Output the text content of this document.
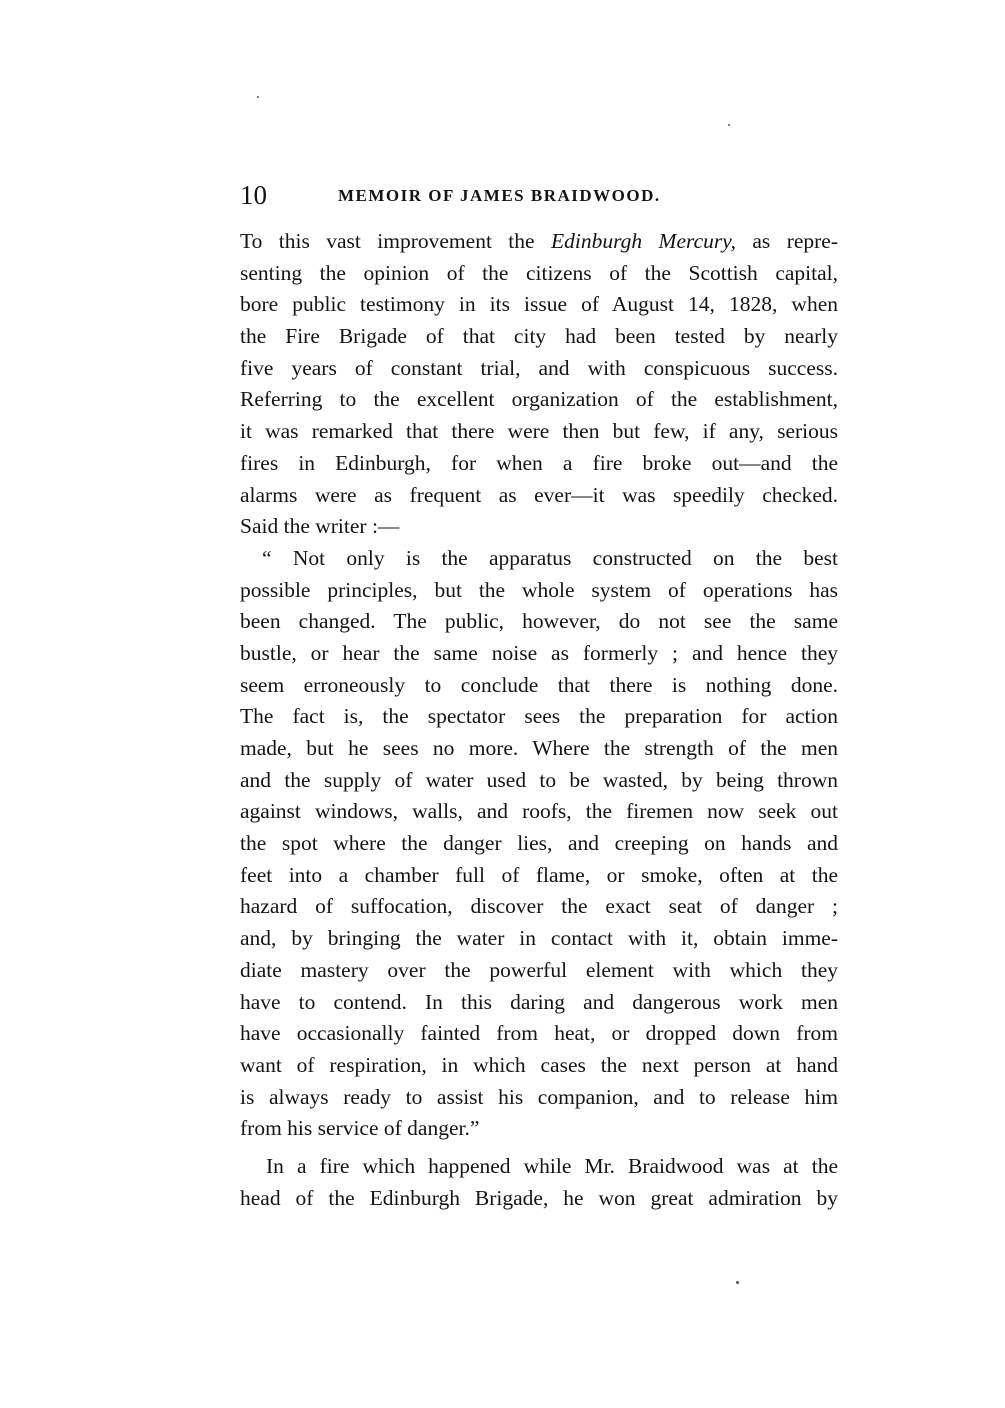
10	MEMOIR OF JAMES BRAIDWOOD.
To this vast improvement the Edinburgh Mercury, as repre-
senting the opinion of the citizens of the Scottish capital,
bore public testimony in its issue of August 14, 1828, when
the Fire Brigade of that city had been tested by nearly
five years of constant trial, and with conspicuous success.
Referring to the excellent organization of the establishment,
it was remarked that there were then but few, if any, serious
fires in Edinburgh, for when a fire broke out—and the
alarms were as frequent as ever—it was speedily checked.
Said the writer :—
“ Not only is the apparatus constructed on the best
possible principles, but the whole system of operations has
been changed. The public, however, do not see the same
bustle, or hear the same noise as formerly ; and hence they
seem erroneously to conclude that there is nothing done.
The fact is, the spectator sees the preparation for action
made, but he sees no more. Where the strength of the men
and the supply of water used to be wasted, by being thrown
against windows, walls, and roofs, the firemen now seek out
the spot where the danger lies, and creeping on hands and
feet into a chamber full of flame, or smoke, often at the
hazard of suffocation, discover the exact seat of danger ;
and, by bringing the water in contact with it, obtain imme-
diate mastery over the powerful element with which they
have to contend. In this daring and dangerous work men
have occasionally fainted from heat, or dropped down from
want of respiration, in which cases the next person at hand
is always ready to assist his companion, and to release him
from his service of danger.”
In a fire which happened while Mr. Braidwood was at the
head of the Edinburgh Brigade, he won great admiration by
